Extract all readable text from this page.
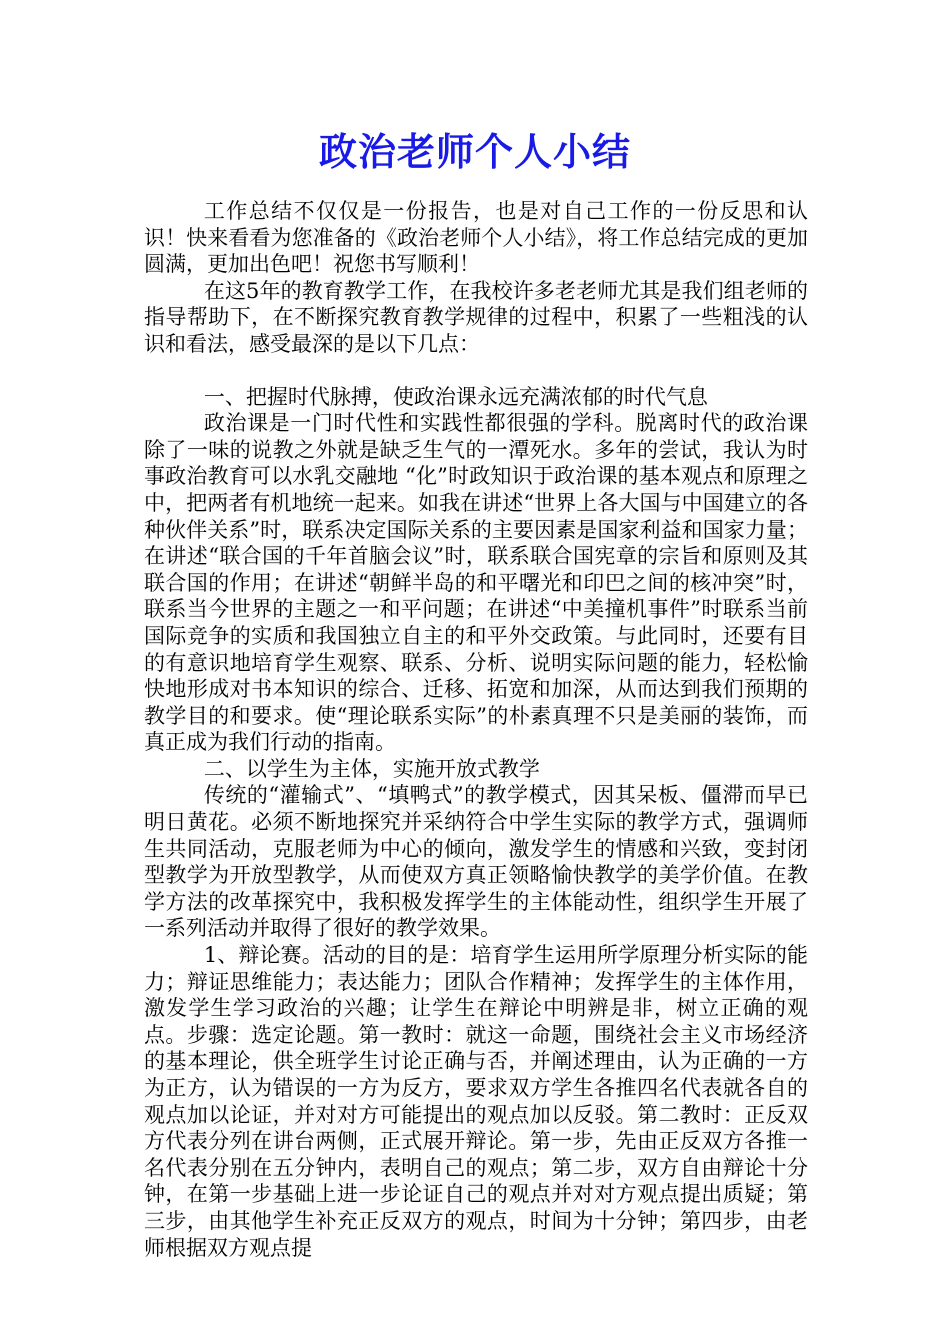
政治老师个人小结

工作总结不仅仅是一份报告，也是对自己工作的一份反思和认识！快来看看为您准备的《政治老师个人小结》，将工作总结完成的更加圆满，更加出色吧！祝您书写顺利！

在这5年的教育教学工作，在我校许多老老师尤其是我们组老师的指导帮助下，在不断探究教育教学规律的过程中，积累了一些粗浅的认识和看法，感受最深的是以下几点：

一、把握时代脉搏，使政治课永远充满浓郁的时代气息

政治课是一门时代性和实践性都很强的学科。脱离时代的政治课除了一味的说教之外就是缺乏生气的一潭死水。多年的尝试，我认为时事政治教育可以水乳交融地 “化”时政知识于政治课的基本观点和原理之中，把两者有机地统一起来。如我在讲述“世界上各大国与中国建立的各种伙伴关系”时，联系决定国际关系的主要因素是国家利益和国家力量；在讲述“联合国的千年首脑会议”时，联系联合国宪章的宗旨和原则及其联合国的作用；在讲述“朝鲜半岛的和平曙光和印巴之间的核冲突”时，联系当今世界的主题之一和平问题；在讲述“中美撞机事件”时联系当前国际竞争的实质和我国独立自主的和平外交政策。与此同时，还要有目的有意识地培育学生观察、联系、分析、说明实际问题的能力，轻松愉快地形成对书本知识的综合、迁移、拓宽和加深，从而达到我们预期的教学目的和要求。使“理论联系实际”的朴素真理不只是美丽的装饰，而真正成为我们行动的指南。

二、以学生为主体，实施开放式教学

传统的“灌输式”、“填鸭式”的教学模式，因其呆板、僵滞而早已明日黄花。必须不断地探究并采纳符合中学生实际的教学方式，强调师生共同活动，克服老师为中心的倾向，激发学生的情感和兴致，变封闭型教学为开放型教学，从而使双方真正领略愉快教学的美学价值。在教学方法的改革探究中，我积极发挥学生的主体能动性，组织学生开展了一系列活动并取得了很好的教学效果。

1、辩论赛。活动的目的是：培育学生运用所学原理分析实际的能力；辩证思维能力；表达能力；团队合作精神；发挥学生的主体作用，激发学生学习政治的兴趣；让学生在辩论中明辨是非，树立正确的观点。步骤：选定论题。第一教时：就这一命题，围绕社会主义市场经济的基本理论，供全班学生讨论正确与否，并阐述理由，认为正确的一方为正方，认为错误的一方为反方，要求双方学生各推四名代表就各自的观点加以论证，并对对方可能提出的观点加以反驳。第二教时：正反双方代表分列在讲台两侧，正式展开辩论。第一步，先由正反双方各推一名代表分别在五分钟内，表明自己的观点；第二步，双方自由辩论十分钟，在第一步基础上进一步论证自己的观点并对对方观点提出质疑；第三步，由其他学生补充正反双方的观点，时间为十分钟；第四步，由老师根据双方观点提
